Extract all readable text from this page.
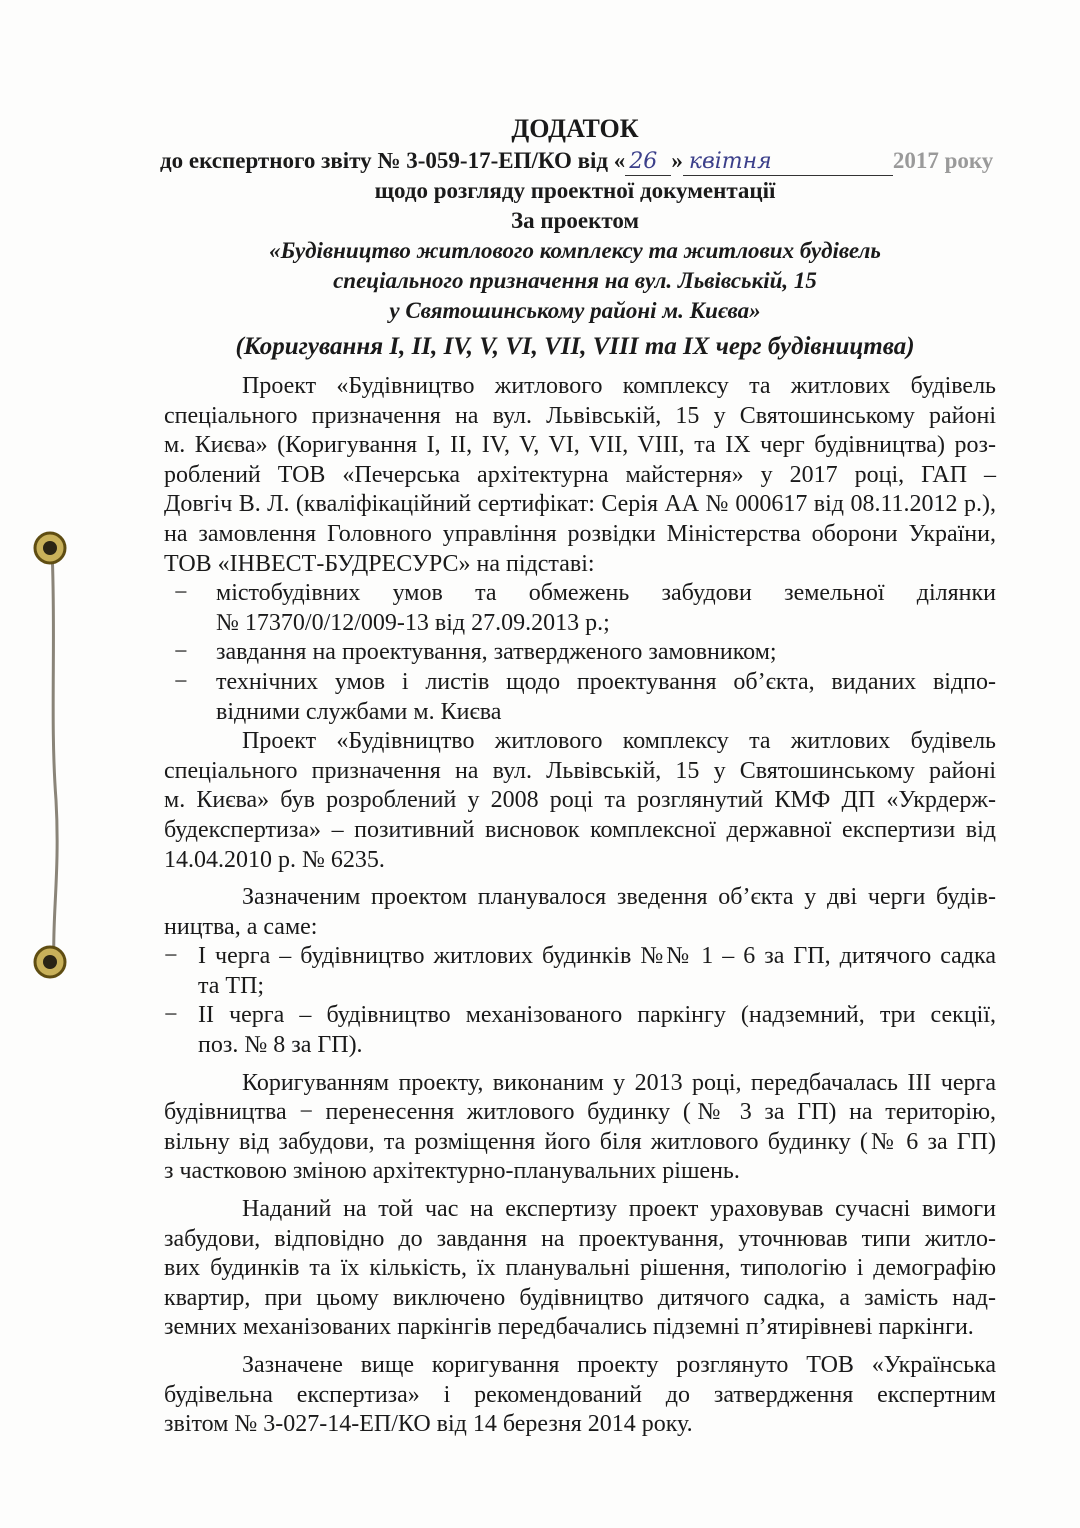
ДОДАТОК
до експертного звіту № 3-059-17-ЕП/КО від « 26 » квітня	2017 року
щодо розгляду проектної документації
За проектом
«Будівництво житлового комплексу та житлових будівель
спеціального призначення на вул. Львівській, 15
у Святошинському районі м. Києва»
(Коригування I, II, IV, V, VI, VII, VIII та IX черг будівництва)

Проект «Будівництво житлового комплексу та житлових будівель
спеціального призначення на вул. Львівській, 15 у Святошинському районі
м. Києва» (Коригування I, II, IV, V, VI, VII, VIII, та IX черг будівництва) роз-
роблений ТОВ «Печерська архітектурна майстерня» у 2017 році, ГАП –
Довгіч В. Л. (кваліфікаційний сертифікат: Серія АА № 000617 від 08.11.2012 р.),
на замовлення Головного управління розвідки Міністерства оборони України,
ТОВ «ІНВЕСТ-БУДРЕСУРС» на підставі:

− містобудівних умов та обмежень забудови земельної ділянки
№ 17370/0/12/009-13 від 27.09.2013 р.;
− завдання на проектування, затвердженого замовником;
− технічних умов і листів щодо проектування об’єкта, виданих відпо-
відними службами м. Києва

Проект «Будівництво житлового комплексу та житлових будівель
спеціального призначення на вул. Львівській, 15 у Святошинському районі
м. Києва» був розроблений у 2008 році та розглянутий КМФ ДП «Укрдерж-
будекспертиза» – позитивний висновок комплексної державної експертизи від
14.04.2010 р. № 6235.

Зазначеним проектом планувалося зведення об’єкта у дві черги будів-
ництва, а саме:

− І черга – будівництво житлових будинків №№ 1 – 6 за ГП, дитячого садка
та ТП;
− ІІ черга – будівництво механізованого паркінгу (надземний, три секції,
поз. № 8 за ГП).

Коригуванням проекту, виконаним у 2013 році, передбачалась ІІІ черга
будівництва − перенесення житлового будинку (№ 3 за ГП) на територію,
вільну від забудови, та розміщення його біля житлового будинку (№ 6 за ГП)
з частковою зміною архітектурно-планувальних рішень.

Наданий на той час на експертизу проект ураховував сучасні вимоги
забудови, відповідно до завдання на проектування, уточнював типи житло-
вих будинків та їх кількість, їх планувальні рішення, типологію і демографію
квартир, при цьому виключено будівництво дитячого садка, а замість над-
земних механізованих паркінгів передбачались підземні п’ятирівневі паркінги.

Зазначене вище коригування проекту розглянуто ТОВ «Українська
будівельна експертиза» і рекомендований до затвердження експертним
звітом № 3-027-14-ЕП/КО від 14 березня 2014 року.
